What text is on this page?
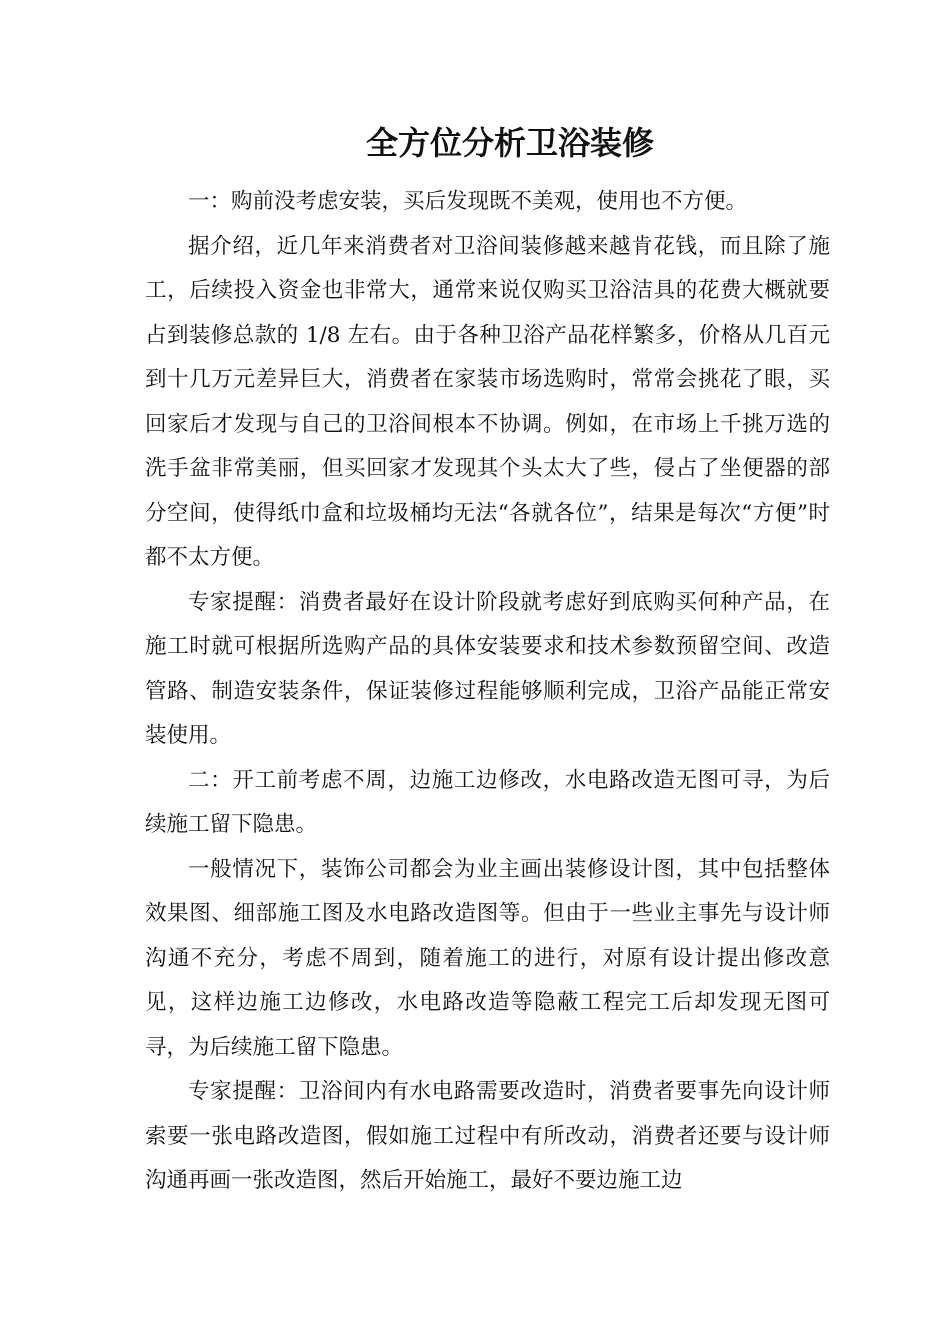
全方位分析卫浴装修

一：购前没考虑安装，买后发现既不美观，使用也不方便。

据介绍，近几年来消费者对卫浴间装修越来越肯花钱，而且除了施工，后续投入资金也非常大，通常来说仅购买卫浴洁具的花费大概就要占到装修总款的 1/8 左右。由于各种卫浴产品花样繁多，价格从几百元到十几万元差异巨大，消费者在家装市场选购时，常常会挑花了眼，买回家后才发现与自己的卫浴间根本不协调。例如，在市场上千挑万选的洗手盆非常美丽，但买回家才发现其个头太大了些，侵占了坐便器的部分空间，使得纸巾盒和垃圾桶均无法“各就各位”，结果是每次“方便”时都不太方便。

专家提醒：消费者最好在设计阶段就考虑好到底购买何种产品，在施工时就可根据所选购产品的具体安装要求和技术参数预留空间、改造管路、制造安装条件，保证装修过程能够顺利完成，卫浴产品能正常安装使用。

二：开工前考虑不周，边施工边修改，水电路改造无图可寻，为后续施工留下隐患。

一般情况下，装饰公司都会为业主画出装修设计图，其中包括整体效果图、细部施工图及水电路改造图等。但由于一些业主事先与设计师沟通不充分，考虑不周到，随着施工的进行，对原有设计提出修改意见，这样边施工边修改，水电路改造等隐蔽工程完工后却发现无图可寻，为后续施工留下隐患。

专家提醒：卫浴间内有水电路需要改造时，消费者要事先向设计师索要一张电路改造图，假如施工过程中有所改动，消费者还要与设计师沟通再画一张改造图，然后开始施工，最好不要边施工边
